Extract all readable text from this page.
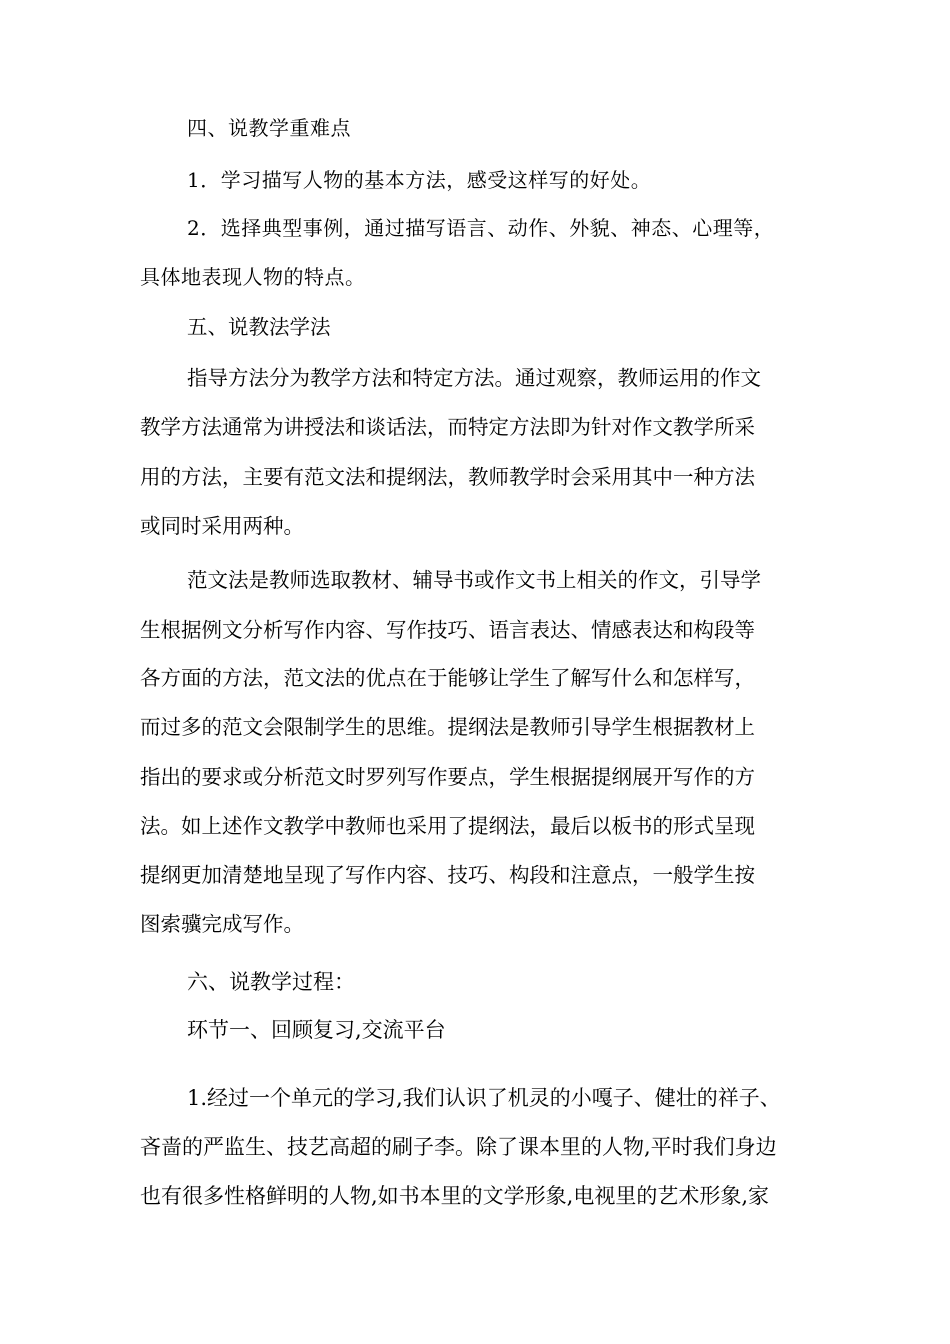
四、说教学重难点
1．学习描写人物的基本方法，感受这样写的好处。
2．选择典型事例，通过描写语言、动作、外貌、神态、心理等，
具体地表现人物的特点。
五、说教法学法
指导方法分为教学方法和特定方法。通过观察，教师运用的作文
教学方法通常为讲授法和谈话法，而特定方法即为针对作文教学所采
用的方法，主要有范文法和提纲法，教师教学时会采用其中一种方法
或同时采用两种。
范文法是教师选取教材、辅导书或作文书上相关的作文，引导学
生根据例文分析写作内容、写作技巧、语言表达、情感表达和构段等
各方面的方法，范文法的优点在于能够让学生了解写什么和怎样写，
而过多的范文会限制学生的思维。提纲法是教师引导学生根据教材上
指出的要求或分析范文时罗列写作要点，学生根据提纲展开写作的方
法。如上述作文教学中教师也采用了提纲法，最后以板书的形式呈现
提纲更加清楚地呈现了写作内容、技巧、构段和注意点，一般学生按
图索骥完成写作。
六、说教学过程：
环节一、回顾复习,交流平台
1.经过一个单元的学习,我们认识了机灵的小嘎子、健壮的祥子、
吝啬的严监生、技艺高超的刷子李。除了课本里的人物,平时我们身边
也有很多性格鲜明的人物,如书本里的文学形象,电视里的艺术形象,家
